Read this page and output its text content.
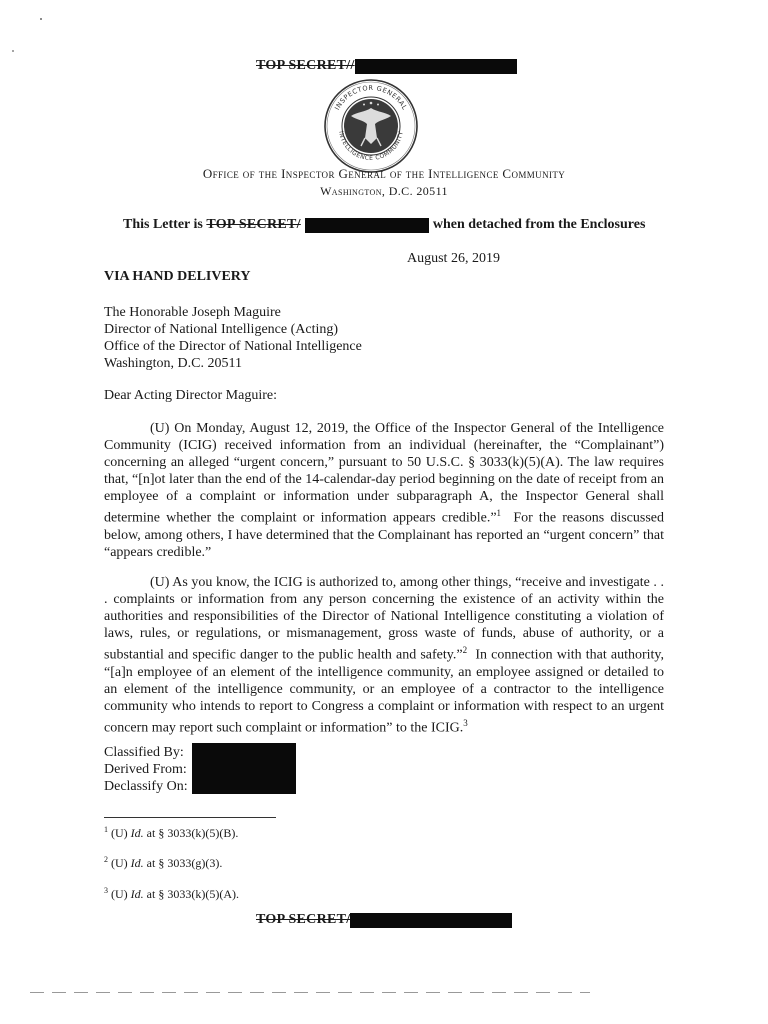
TOP SECRET//
INSPECTOR GENERAL
INTELLIGENCE COMMUNITY
Office of the Inspector General of the Intelligence Community
Washington, D.C. 20511
This Letter is TOP SECRET/	when detached from the Enclosures
August 26, 2019
VIA HAND DELIVERY
The Honorable Joseph Maguire
Director of National Intelligence (Acting)
Office of the Director of National Intelligence
Washington, D.C. 20511
Dear Acting Director Maguire:
(U) On Monday, August 12, 2019, the Office of the Inspector General of the Intelligence Community (ICIG) received information from an individual (hereinafter, the “Complainant”) concerning an alleged “urgent concern,” pursuant to 50 U.S.C. § 3033(k)(5)(A). The law requires that, “[n]ot later than the end of the 14-calendar-day period beginning on the date of receipt from an employee of a complaint or information under subparagraph A, the Inspector General shall determine whether the complaint or information appears credible.”$^1$  For the reasons discussed below, among others, I have determined that the Complainant has reported an “urgent concern” that “appears credible.”
(U) As you know, the ICIG is authorized to, among other things, “receive and investigate . . . complaints or information from any person concerning the existence of an activity within the authorities and responsibilities of the Director of National Intelligence constituting a violation of laws, rules, or regulations, or mismanagement, gross waste of funds, abuse of authority, or a substantial and specific danger to the public health and safety.”$^2$  In connection with that authority, “[a]n employee of an element of the intelligence community, an employee assigned or detailed to an element of the intelligence community, or an employee of a contractor to the intelligence community who intends to report to Congress a complaint or information with respect to an urgent concern may report such complaint or information” to the ICIG.$^3$
Classified By:
Derived From:
Declassify On:
$^1$ (U) Id. at § 3033(k)(5)(B).
$^2$ (U) Id. at § 3033(g)(3).
$^3$ (U) Id. at § 3033(k)(5)(A).
TOP SECRET/
